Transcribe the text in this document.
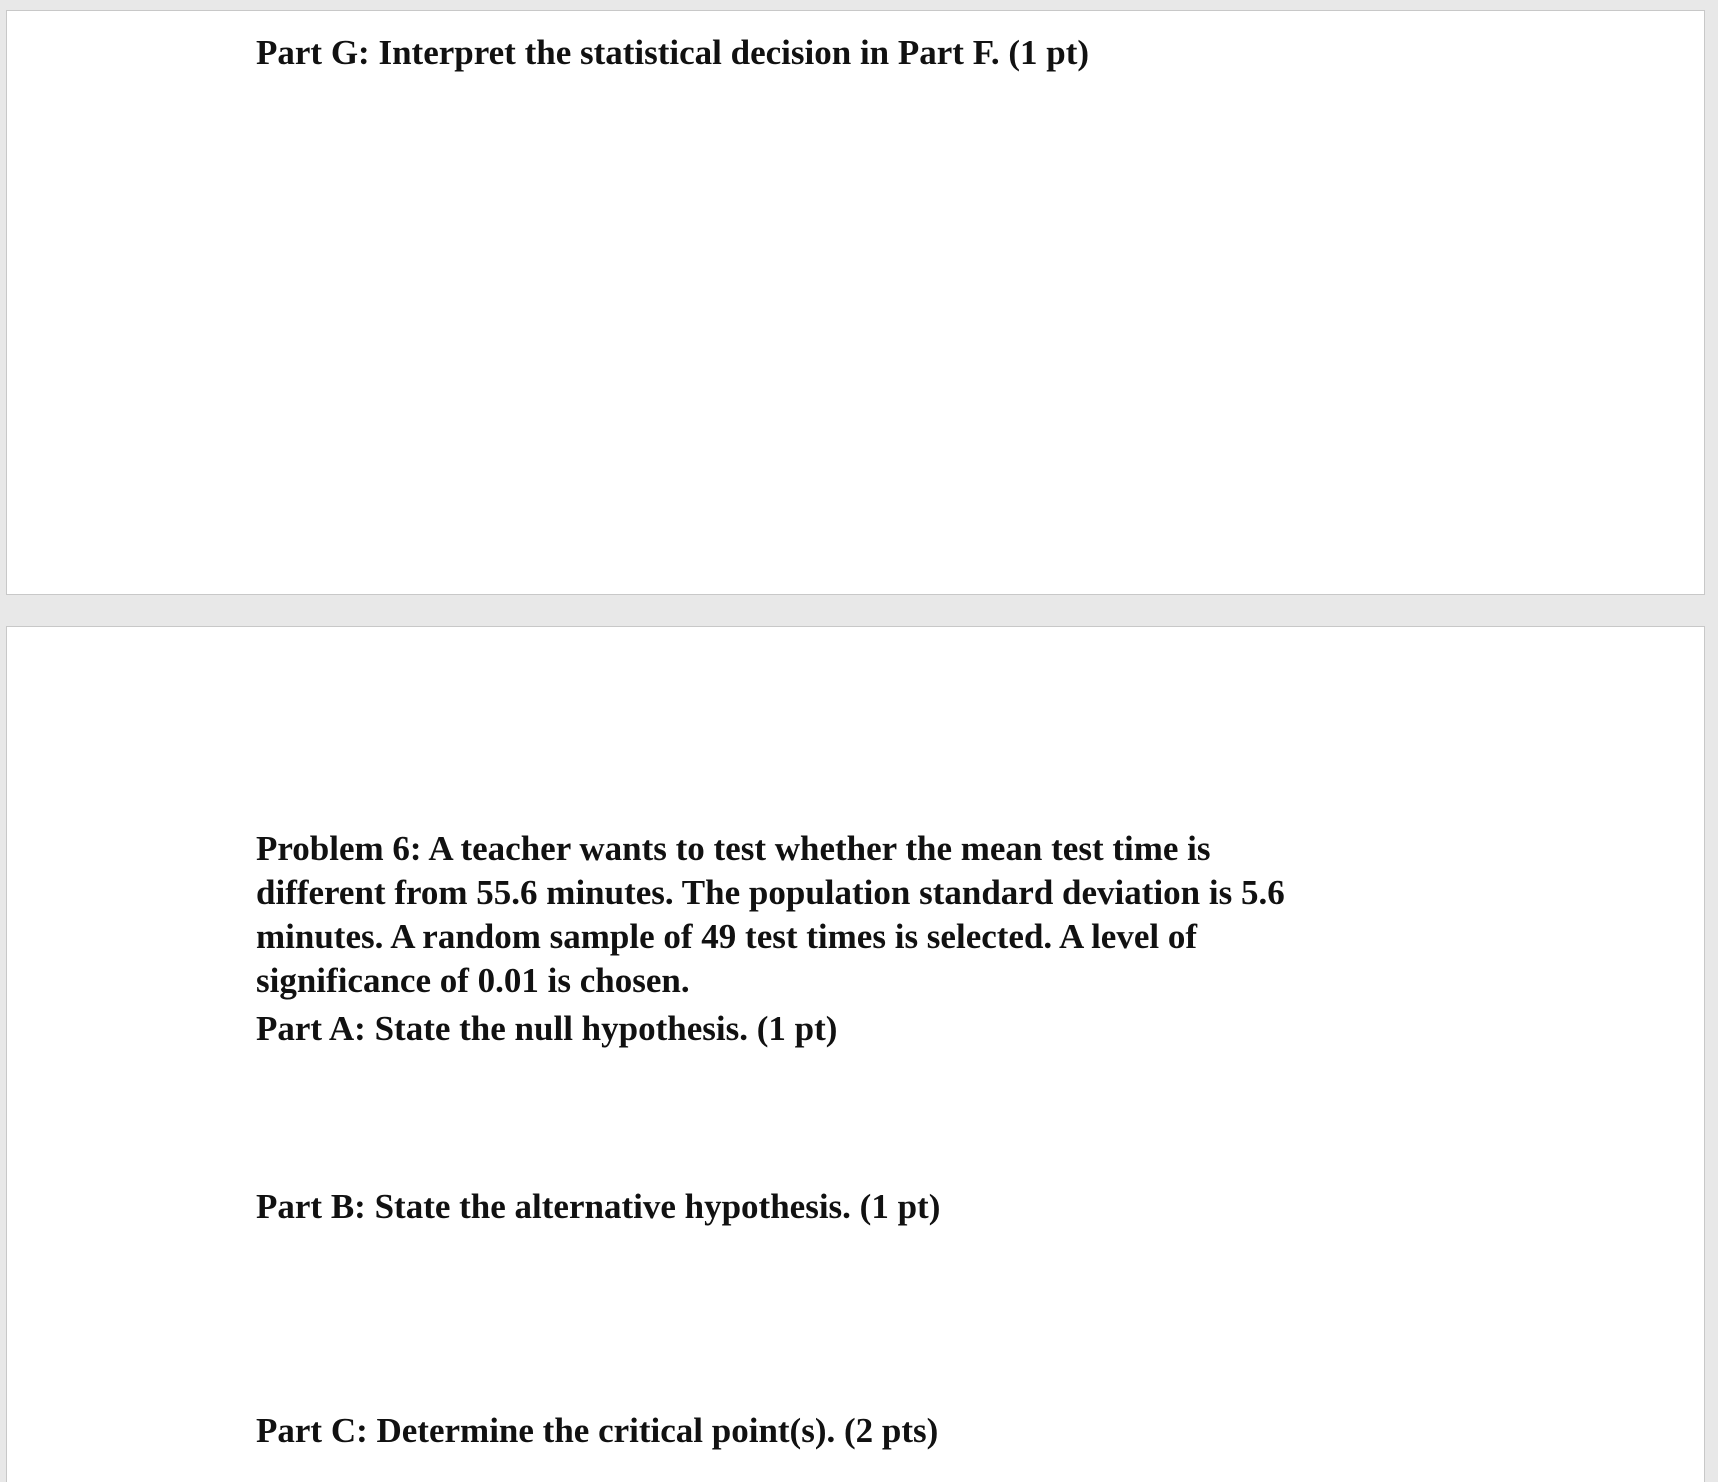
Part G: Interpret the statistical decision in Part F. (1 pt)

Problem 6: A teacher wants to test whether the mean test time is
different from 55.6 minutes. The population standard deviation is 5.6
minutes. A random sample of 49 test times is selected. A level of
significance of 0.01 is chosen.

Part A: State the null hypothesis. (1 pt)

Part B: State the alternative hypothesis. (1 pt)

Part C: Determine the critical point(s). (2 pts)
